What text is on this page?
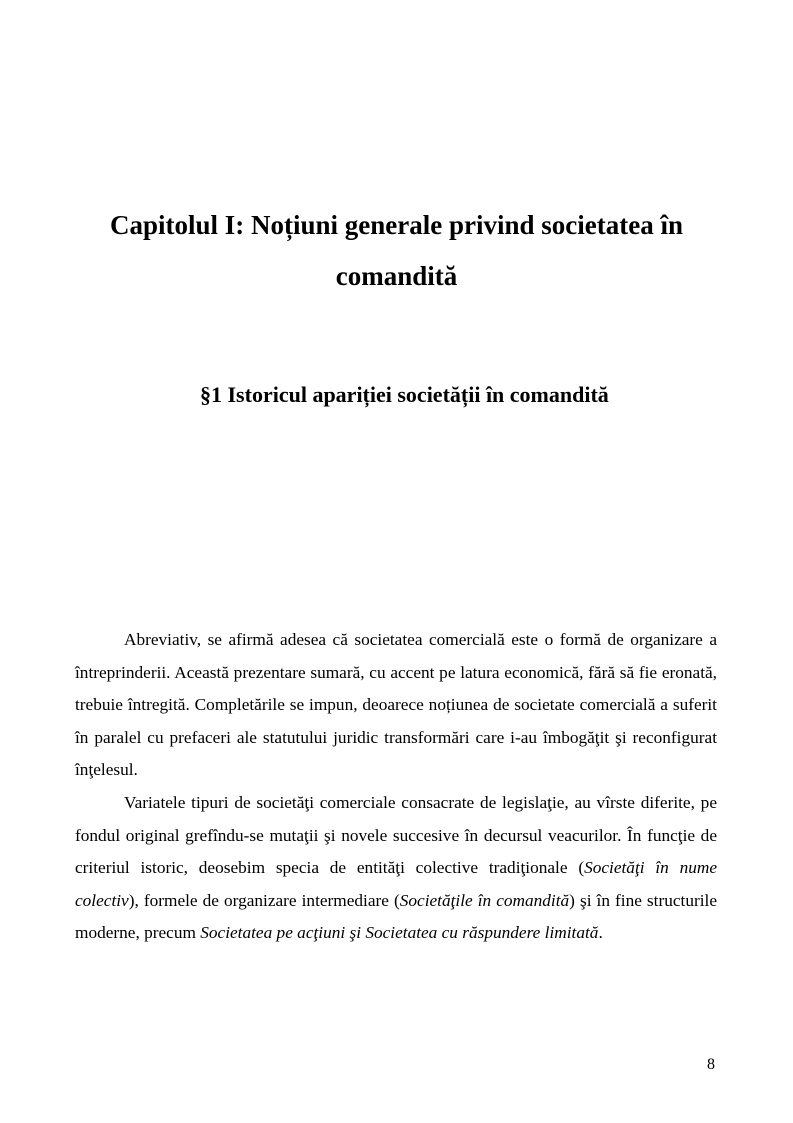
Capitolul I: Noțiuni generale privind societatea în
comandită
§1 Istoricul apariției societății în comandită

Abreviativ, se afirmă adesea că societatea comercială este o formă de organizare a întreprinderii. Această prezentare sumară, cu accent pe latura economică, fără să fie eronată, trebuie întregită. Completările se impun, deoarece noțiunea de societate comercială a suferit în paralel cu prefaceri ale statutului juridic transformări care i-au îmbogăţit şi reconfigurat înţelesul.

Variatele tipuri de societăţi comerciale consacrate de legislaţie, au vîrste diferite, pe fondul original grefîndu-se mutaţii şi novele succesive în decursul veacurilor. În funcţie de criteriul istoric, deosebim specia de entităţi colective tradiţionale (Societăţi în nume colectiv), formele de organizare intermediare (Societăţile în comandită) şi în fine structurile moderne, precum Societatea pe acţiuni şi Societatea cu răspundere limitată.

8
